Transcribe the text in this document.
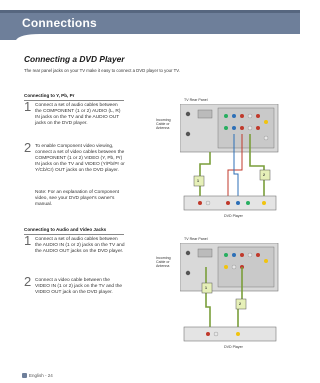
Connections
Connecting a DVD Player
The rear panel jacks on your TV make it easy to connect a DVD player to your TV.
Connecting to Y, Pb, Pr
1 Connect a set of audio cables between the COMPONENT (1 or 2) AUDIO (L, R) IN jacks on the TV and the AUDIO OUT jacks on the DVD player.
2 To enable Component video viewing, connect a set of video cables between the COMPONENT (1 or 2) VIDEO (Y, Pb, Pr) IN jacks on the TV and VIDEO (Y/Pb/Pr or Y/Cb/Cr) OUT jacks on the DVD player.
Note: For an explanation of Component video, see your DVD player's owner's manual.
Connecting to Audio and Video Jacks
1 Connect a set of audio cables between the AUDIO IN (1 or 2) jacks on the TV and the AUDIO OUT jacks on the DVD player.
2 Connect a video cable between the VIDEO IN (1 or 2) jack on the TV and the VIDEO OUT jack on the DVD player.
TV Rear Panel
Incoming Cable or Antenna
1
2
DVD Player
TV Rear Panel
Incoming Cable or Antenna
1
2
DVD Player
English - 24
